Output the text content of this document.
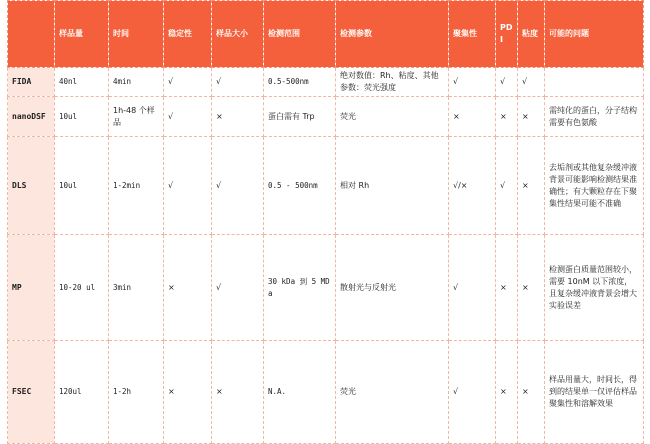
	样品量	时间	稳定性	样品大小	检测范围	检测参数	聚集性	PDI	粘度	可能的问题
FIDA	40nl	4min	√	√	0.5-500nm	绝对数值：Rh、粘度、其他参数：荧光强度	√	√	√	
nanoDSF	10ul	1h-48 个样品	√	×	蛋白需有 Trp	荧光	×	×	×	需纯化的蛋白，分子结构需要有色氨酸
DLS	10ul	1-2min	√	√	0.5 - 500nm	相对 Rh	√/×	√	×	去垢剂或其他复杂缓冲液背景可能影响检测结果准确性；有大颗粒存在下聚集性结果可能不准确
MP	10-20 ul	3min	×	√	30 kDa 到 5 MDa	散射光与反射光	√	×	×	检测蛋白质量范围较小，需要 10nM 以下浓度，且复杂缓冲液背景会增大实验误差
FSEC	120ul	1-2h	×	×	N.A.	荧光	√	×	×	样品用量大，时间长，得到的结果单一仅评估样品聚集性和溶解效果
